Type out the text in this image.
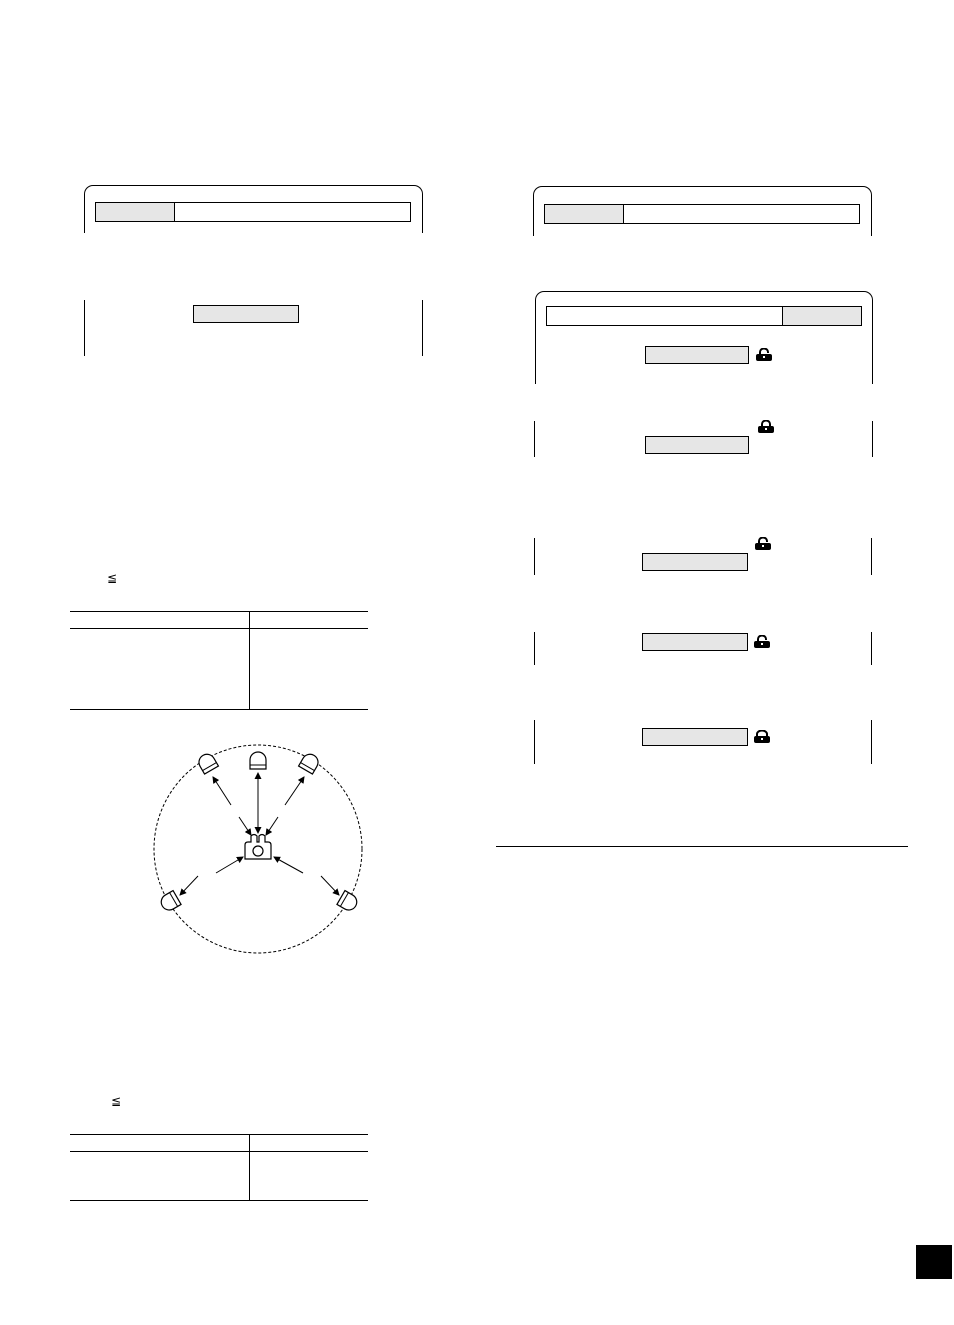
≦
≦
